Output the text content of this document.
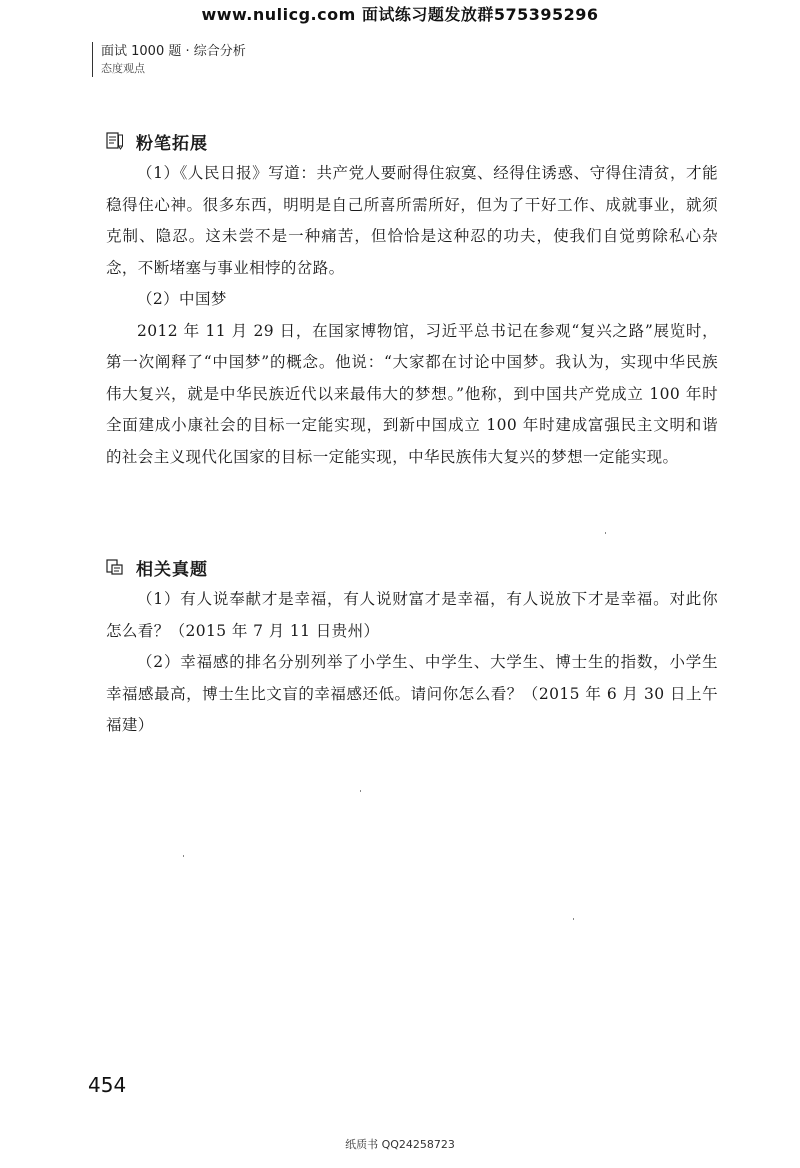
www.nulicg.com 面试练习题发放群575395296
面试 1000 题 · 综合分析
态度观点
粉笔拓展

（1）《人民日报》写道：共产党人要耐得住寂寞、经得住诱惑、守得住清贫，才能稳得住心神。很多东西，明明是自己所喜所需所好，但为了干好工作、成就事业，就须克制、隐忍。这未尝不是一种痛苦，但恰恰是这种忍的功夫，使我们自觉剪除私心杂念，不断堵塞与事业相悖的岔路。

（2）中国梦

2012 年 11 月 29 日，在国家博物馆，习近平总书记在参观“复兴之路”展览时，第一次阐释了“中国梦”的概念。他说：“大家都在讨论中国梦。我认为，实现中华民族伟大复兴，就是中华民族近代以来最伟大的梦想。”他称，到中国共产党成立 100 年时全面建成小康社会的目标一定能实现，到新中国成立 100 年时建成富强民主文明和谐的社会主义现代化国家的目标一定能实现，中华民族伟大复兴的梦想一定能实现。

相关真题

（1）有人说奉献才是幸福，有人说财富才是幸福，有人说放下才是幸福。对此你怎么看？（2015 年 7 月 11 日贵州）

（2）幸福感的排名分别列举了小学生、中学生、大学生、博士生的指数，小学生幸福感最高，博士生比文盲的幸福感还低。请问你怎么看？（2015 年 6 月 30 日上午福建）

454
纸质书 QQ24258723
